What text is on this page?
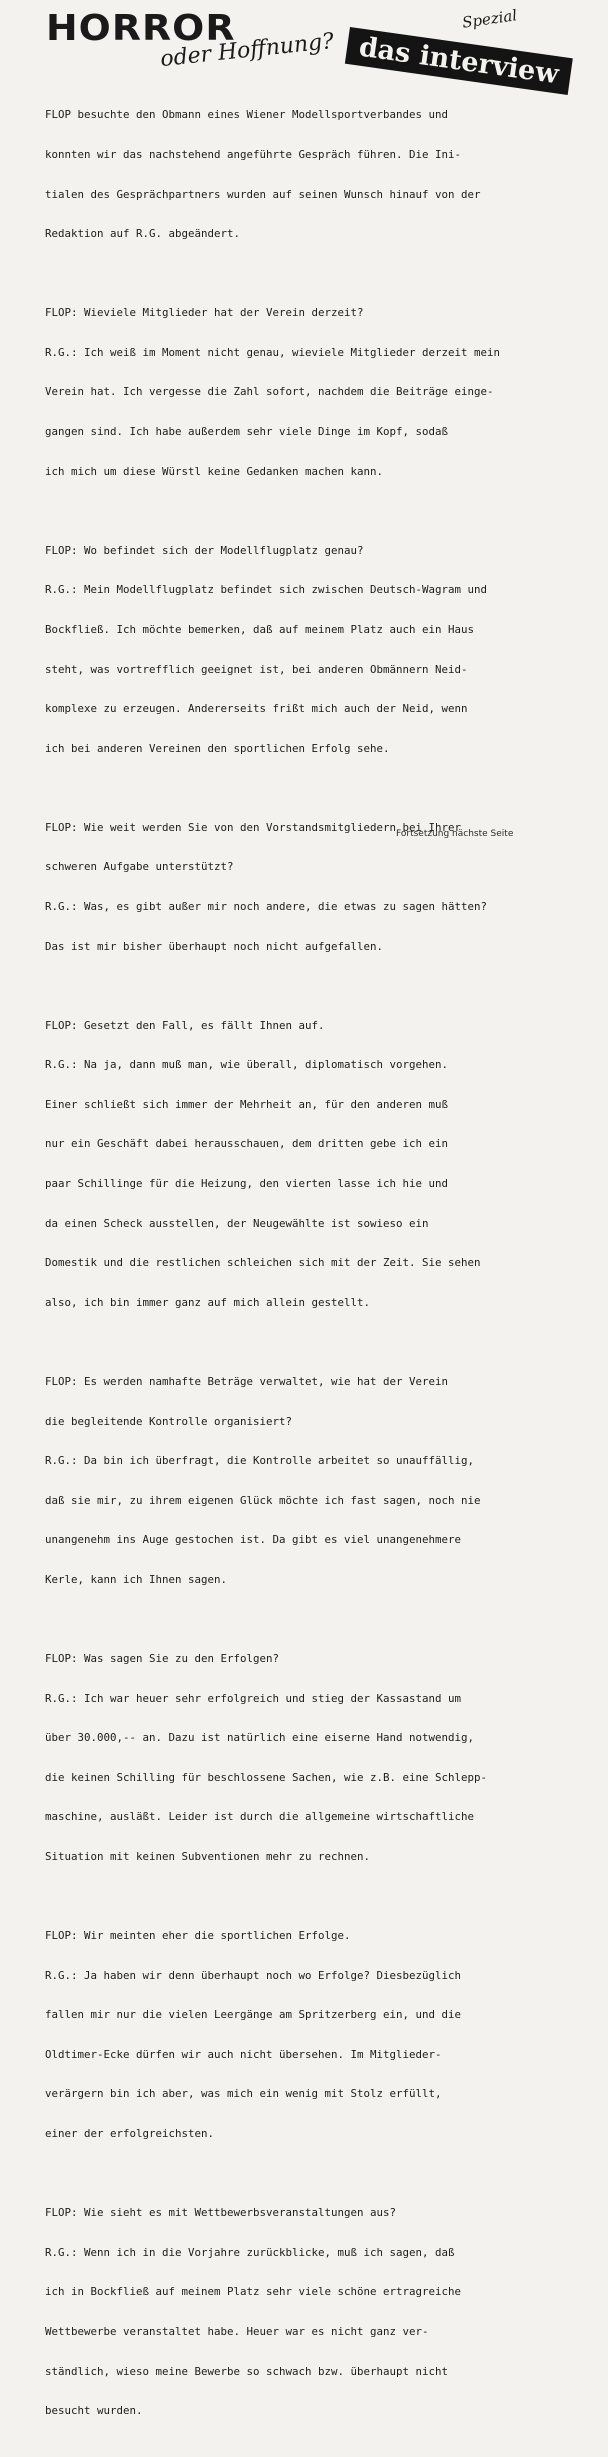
HORROR
oder Hoffnung?
Spezial
das interview

FLOP besuchte den Obmann eines Wiener Modellsportverbandes und

konnten wir das nachstehend angeführte Gespräch führen. Die Ini-

tialen des Gesprächpartners wurden auf seinen Wunsch hinauf von der

Redaktion auf R.G. abgeändert.

FLOP: Wieviele Mitglieder hat der Verein derzeit?

R.G.: Ich weiß im Moment nicht genau, wieviele Mitglieder derzeit mein

Verein hat. Ich vergesse die Zahl sofort, nachdem die Beiträge einge-

gangen sind. Ich habe außerdem sehr viele Dinge im Kopf, sodaß

ich mich um diese Würstl keine Gedanken machen kann.

FLOP: Wo befindet sich der Modellflugplatz genau?

R.G.: Mein Modellflugplatz befindet sich zwischen Deutsch-Wagram und

Bockfließ. Ich möchte bemerken, daß auf meinem Platz auch ein Haus

steht, was vortrefflich geeignet ist, bei anderen Obmännern Neid-

komplexe zu erzeugen. Andererseits frißt mich auch der Neid, wenn

ich bei anderen Vereinen den sportlichen Erfolg sehe.

FLOP: Wie weit werden Sie von den Vorstandsmitgliedern bei Ihrer

schweren Aufgabe unterstützt?

R.G.: Was, es gibt außer mir noch andere, die etwas zu sagen hätten?

Das ist mir bisher überhaupt noch nicht aufgefallen.

FLOP: Gesetzt den Fall, es fällt Ihnen auf.

R.G.: Na ja, dann muß man, wie überall, diplomatisch vorgehen.

Einer schließt sich immer der Mehrheit an, für den anderen muß

nur ein Geschäft dabei herausschauen, dem dritten gebe ich ein

paar Schillinge für die Heizung, den vierten lasse ich hie und

da einen Scheck ausstellen, der Neugewählte ist sowieso ein

Domestik und die restlichen schleichen sich mit der Zeit. Sie sehen

also, ich bin immer ganz auf mich allein gestellt.

FLOP: Es werden namhafte Beträge verwaltet, wie hat der Verein

die begleitende Kontrolle organisiert?

R.G.: Da bin ich überfragt, die Kontrolle arbeitet so unauffällig,

daß sie mir, zu ihrem eigenen Glück möchte ich fast sagen, noch nie

unangenehm ins Auge gestochen ist. Da gibt es viel unangenehmere

Kerle, kann ich Ihnen sagen.

FLOP: Was sagen Sie zu den Erfolgen?

R.G.: Ich war heuer sehr erfolgreich und stieg der Kassastand um

über 30.000,-- an. Dazu ist natürlich eine eiserne Hand notwendig,

die keinen Schilling für beschlossene Sachen, wie z.B. eine Schlepp-

maschine, ausläßt. Leider ist durch die allgemeine wirtschaftliche

Situation mit keinen Subventionen mehr zu rechnen.

FLOP: Wir meinten eher die sportlichen Erfolge.

R.G.: Ja haben wir denn überhaupt noch wo Erfolge? Diesbezüglich

fallen mir nur die vielen Leergänge am Spritzerberg ein, und die

Oldtimer-Ecke dürfen wir auch nicht übersehen. Im Mitglieder-

verärgern bin ich aber, was mich ein wenig mit Stolz erfüllt,

einer der erfolgreichsten.

FLOP: Wie sieht es mit Wettbewerbsveranstaltungen aus?

R.G.: Wenn ich in die Vorjahre zurückblicke, muß ich sagen, daß

ich in Bockfließ auf meinem Platz sehr viele schöne ertragreiche

Wettbewerbe veranstaltet habe. Heuer war es nicht ganz ver-

ständlich, wieso meine Bewerbe so schwach bzw. überhaupt nicht

besucht wurden.

Fortsetzung nächste Seite
